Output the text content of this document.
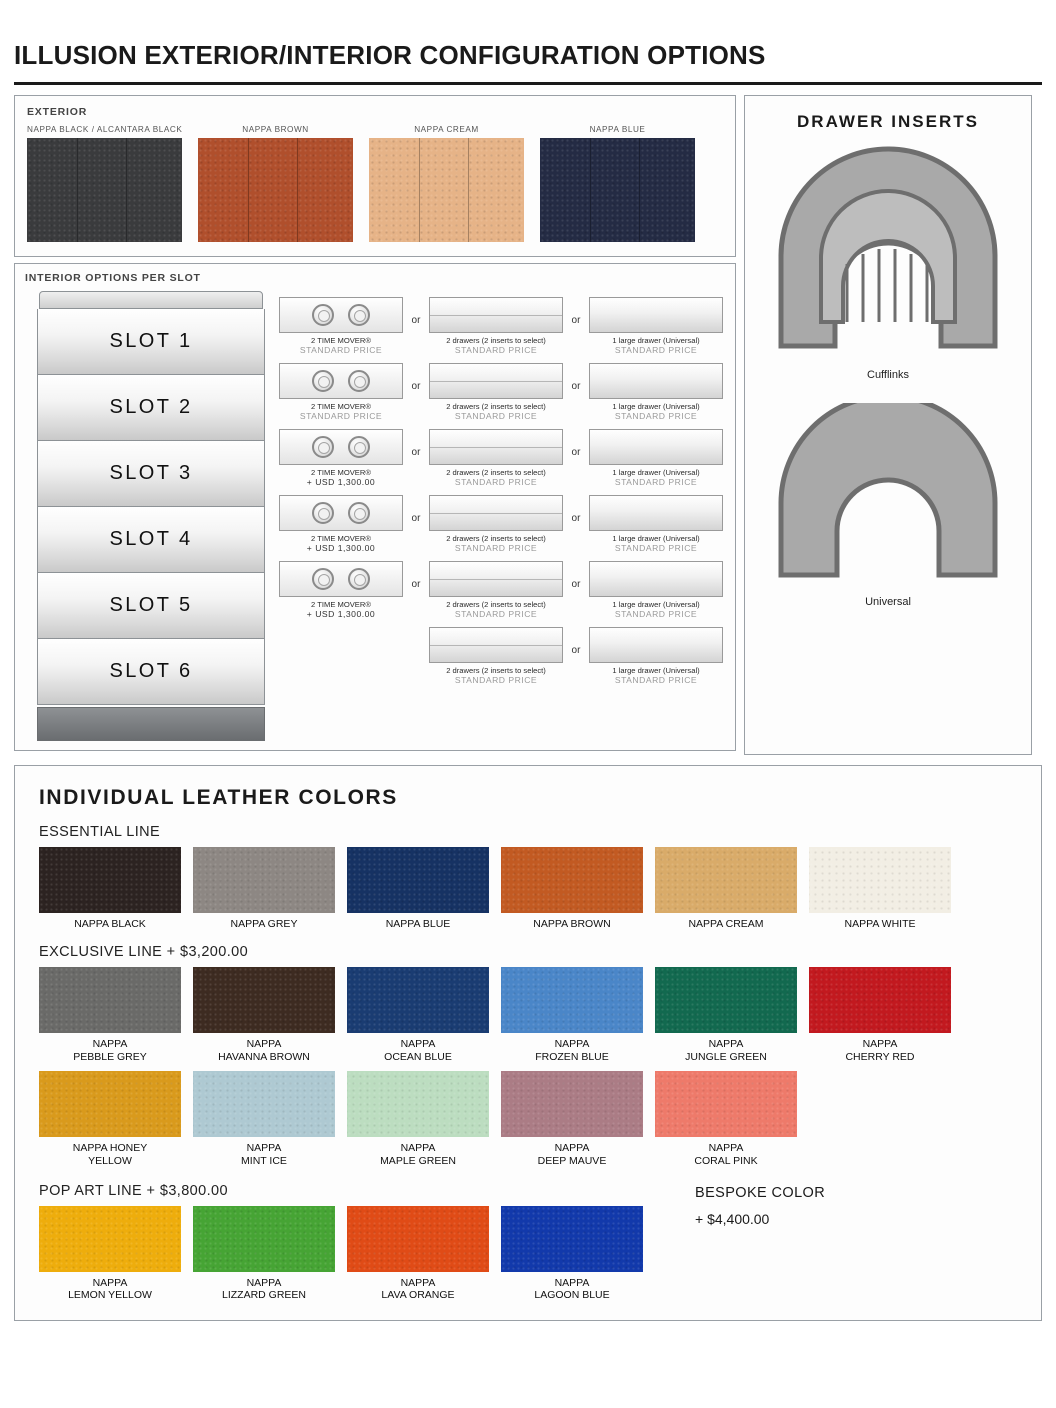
ILLUSION EXTERIOR/INTERIOR CONFIGURATION OPTIONS
EXTERIOR
NAPPA BLACK / ALCANTARA BLACK	NAPPA BROWN	NAPPA CREAM	NAPPA BLUE
INTERIOR OPTIONS PER SLOT
SLOT 1
SLOT 2
SLOT 3
SLOT 4
SLOT 5
SLOT 6
2 TIME MOVER®
STANDARD PRICE
or
2 drawers (2 inserts to select)
STANDARD PRICE
or
1 large drawer (Universal)
STANDARD PRICE
2 TIME MOVER®
STANDARD PRICE
or
2 drawers (2 inserts to select)
STANDARD PRICE
or
1 large drawer (Universal)
STANDARD PRICE
2 TIME MOVER®
+ USD 1,300.00
or
2 drawers (2 inserts to select)
STANDARD PRICE
or
1 large drawer (Universal)
STANDARD PRICE
2 TIME MOVER®
+ USD 1,300.00
or
2 drawers (2 inserts to select)
STANDARD PRICE
or
1 large drawer (Universal)
STANDARD PRICE
2 TIME MOVER®
+ USD 1,300.00
or
2 drawers (2 inserts to select)
STANDARD PRICE
or
1 large drawer (Universal)
STANDARD PRICE
2 drawers (2 inserts to select)
STANDARD PRICE
or
1 large drawer (Universal)
STANDARD PRICE
DRAWER INSERTS
Cufflinks
Universal
INDIVIDUAL LEATHER COLORS
ESSENTIAL LINE
NAPPA BLACK	NAPPA GREY	NAPPA BLUE	NAPPA BROWN	NAPPA CREAM	NAPPA WHITE
EXCLUSIVE LINE + $3,200.00
NAPPA
PEBBLE GREY
NAPPA
HAVANNA BROWN
NAPPA
OCEAN BLUE
NAPPA
FROZEN BLUE
NAPPA
JUNGLE GREEN
NAPPA
CHERRY RED
NAPPA HONEY
YELLOW
NAPPA
MINT ICE
NAPPA
MAPLE GREEN
NAPPA
DEEP MAUVE
NAPPA
CORAL PINK
POP ART LINE + $3,800.00
NAPPA
LEMON YELLOW
NAPPA
LIZZARD GREEN
NAPPA
LAVA ORANGE
NAPPA
LAGOON BLUE
BESPOKE COLOR
+ $4,400.00
